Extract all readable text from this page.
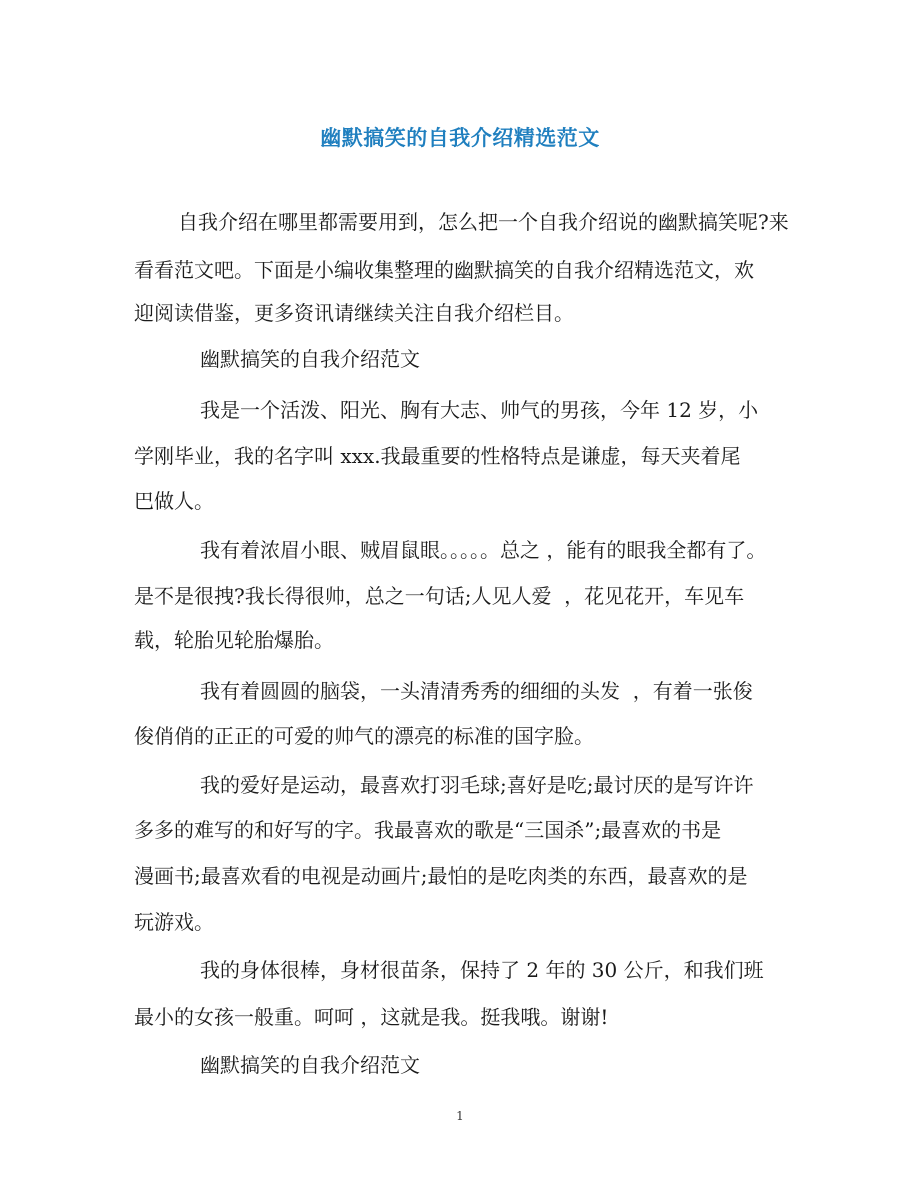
幽默搞笑的自我介绍精选范文
自我介绍在哪里都需要用到，怎么把一个自我介绍说的幽默搞笑呢?来
看看范文吧。下面是小编收集整理的幽默搞笑的自我介绍精选范文，欢
迎阅读借鉴，更多资讯请继续关注自我介绍栏目。
幽默搞笑的自我介绍范文
我是一个活泼、阳光、胸有大志、帅气的男孩，今年 12 岁，小
学刚毕业，我的名字叫 xxx.我最重要的性格特点是谦虚，每天夹着尾
巴做人。
我有着浓眉小眼、贼眉鼠眼。。。。。总之 ，能有的眼我全都有了。
是不是很拽?我长得很帅，总之一句话;人见人爱  ，花见花开，车见车
载，轮胎见轮胎爆胎。
我有着圆圆的脑袋，一头清清秀秀的细细的头发  ，有着一张俊
俊俏俏的正正的可爱的帅气的漂亮的标准的国字脸。
我的爱好是运动，最喜欢打羽毛球;喜好是吃;最讨厌的是写许许
多多的难写的和好写的字。我最喜欢的歌是“三国杀”;最喜欢的书是
漫画书;最喜欢看的电视是动画片;最怕的是吃肉类的东西，最喜欢的是
玩游戏。
我的身体很棒，身材很苗条，保持了 2 年的 30 公斤，和我们班
最小的女孩一般重。呵呵 ，这就是我。挺我哦。谢谢!
幽默搞笑的自我介绍范文
1
